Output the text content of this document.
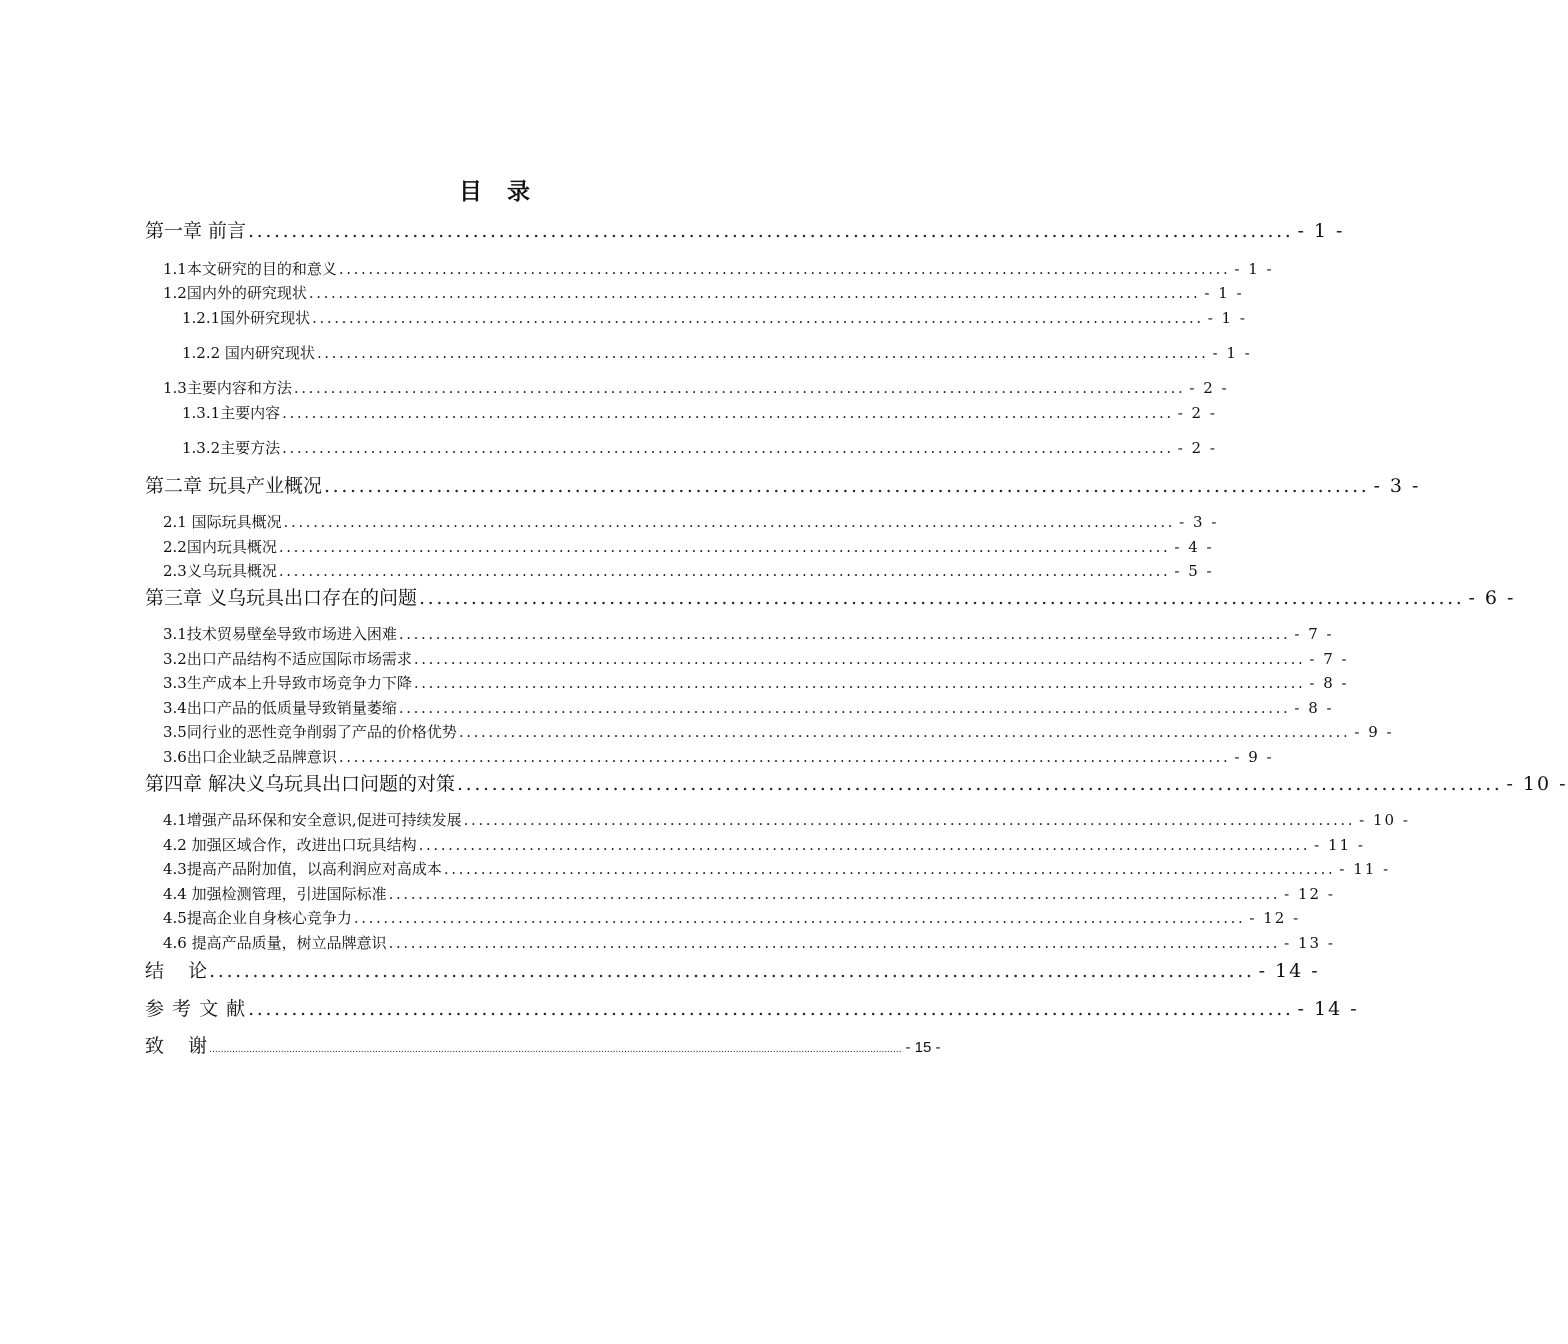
目 录
第一章 前言 ......................................................................................................................... - 1 -
1.1本文研究的目的和意义 ......................................................................................................................... - 1 -
1.2国内外的研究现状 ......................................................................................................................... - 1 -
1.2.1国外研究现状 ......................................................................................................................... - 1 -
1.2.2 国内研究现状 ......................................................................................................................... - 1 -
1.3主要内容和方法 ......................................................................................................................... - 2 -
1.3.1主要内容 ......................................................................................................................... - 2 -
1.3.2主要方法 ......................................................................................................................... - 2 -
第二章 玩具产业概况 ......................................................................................................................... - 3 -
2.1 国际玩具概况 ......................................................................................................................... - 3 -
2.2国内玩具概况 ......................................................................................................................... - 4 -
2.3义乌玩具概况 ......................................................................................................................... - 5 -
第三章 义乌玩具出口存在的问题 ......................................................................................................................... - 6 -
3.1技术贸易壁垒导致市场进入困难 ......................................................................................................................... - 7 -
3.2出口产品结构不适应国际市场需求 ......................................................................................................................... - 7 -
3.3生产成本上升导致市场竞争力下降 ......................................................................................................................... - 8 -
3.4出口产品的低质量导致销量萎缩 ......................................................................................................................... - 8 -
3.5同行业的恶性竞争削弱了产品的价格优势 ......................................................................................................................... - 9 -
3.6出口企业缺乏品牌意识 ......................................................................................................................... - 9 -
第四章 解决义乌玩具出口问题的对策 ......................................................................................................................... - 10 -
4.1增强产品环保和安全意识,促进可持续发展 ......................................................................................................................... - 10 -
4.2 加强区域合作，改进出口玩具结构 ......................................................................................................................... - 11 -
4.3提高产品附加值，以高利润应对高成本 ......................................................................................................................... - 11 -
4.4 加强检测管理，引进国际标准 ......................................................................................................................... - 12 -
4.5提高企业自身核心竞争力 ......................................................................................................................... - 12 -
4.6 提高产品质量，树立品牌意识 ......................................................................................................................... - 13 -
结    论 ......................................................................................................................... - 14 -
参 考 文 献 ......................................................................................................................... - 14 -
致    谢 .................................................................................................................................................................................................................................................. - 15 -
